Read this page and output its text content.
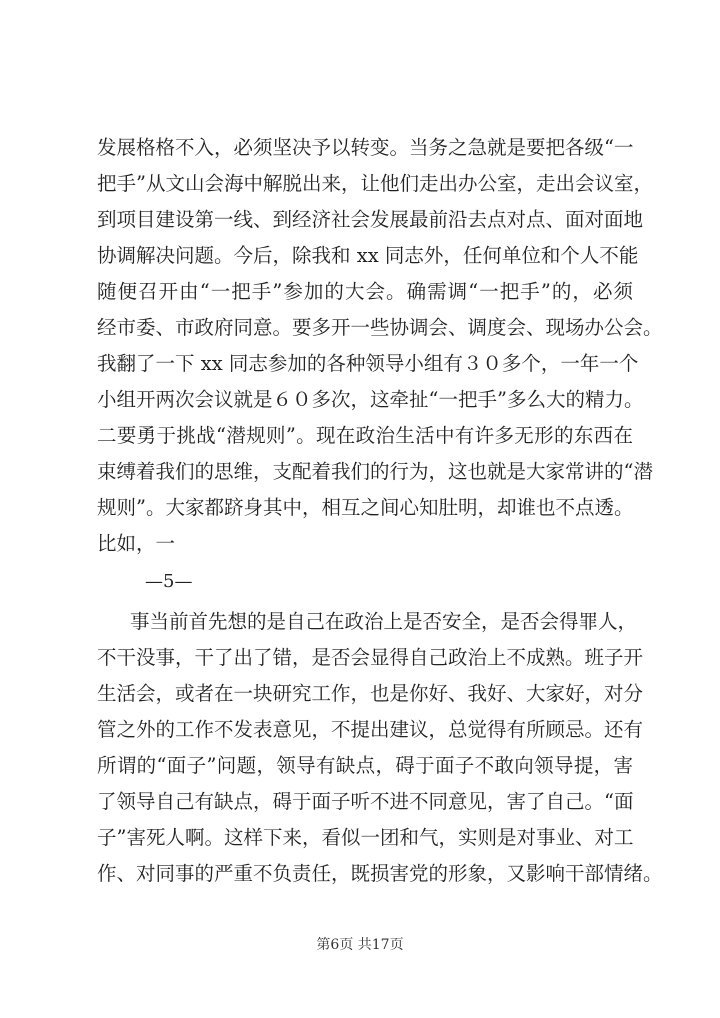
发展格格不入，必须坚决予以转变。当务之急就是要把各级“一
把手”从文山会海中解脱出来，让他们走出办公室，走出会议室，
到项目建设第一线、到经济社会发展最前沿去点对点、面对面地
协调解决问题。今后，除我和 xx 同志外，任何单位和个人不能
随便召开由“一把手”参加的大会。确需调“一把手”的，必须
经市委、市政府同意。要多开一些协调会、调度会、现场办公会。
我翻了一下 xx 同志参加的各种领导小组有３０多个，一年一个
小组开两次会议就是６０多次，这牵扯“一把手”多么大的精力。
二要勇于挑战“潜规则”。现在政治生活中有许多无形的东西在
束缚着我们的思维，支配着我们的行为，这也就是大家常讲的“潜
规则”。大家都跻身其中，相互之间心知肚明，却谁也不点透。
比如，一
—5—
事当前首先想的是自己在政治上是否安全，是否会得罪人，
不干没事，干了出了错，是否会显得自己政治上不成熟。班子开
生活会，或者在一块研究工作，也是你好、我好、大家好，对分
管之外的工作不发表意见，不提出建议，总觉得有所顾忌。还有
所谓的“面子”问题，领导有缺点，碍于面子不敢向领导提，害
了领导自己有缺点，碍于面子听不进不同意见，害了自己。“面
子”害死人啊。这样下来，看似一团和气，实则是对事业、对工
作、对同事的严重不负责任，既损害党的形象，又影响干部情绪。
第6页 共17页
